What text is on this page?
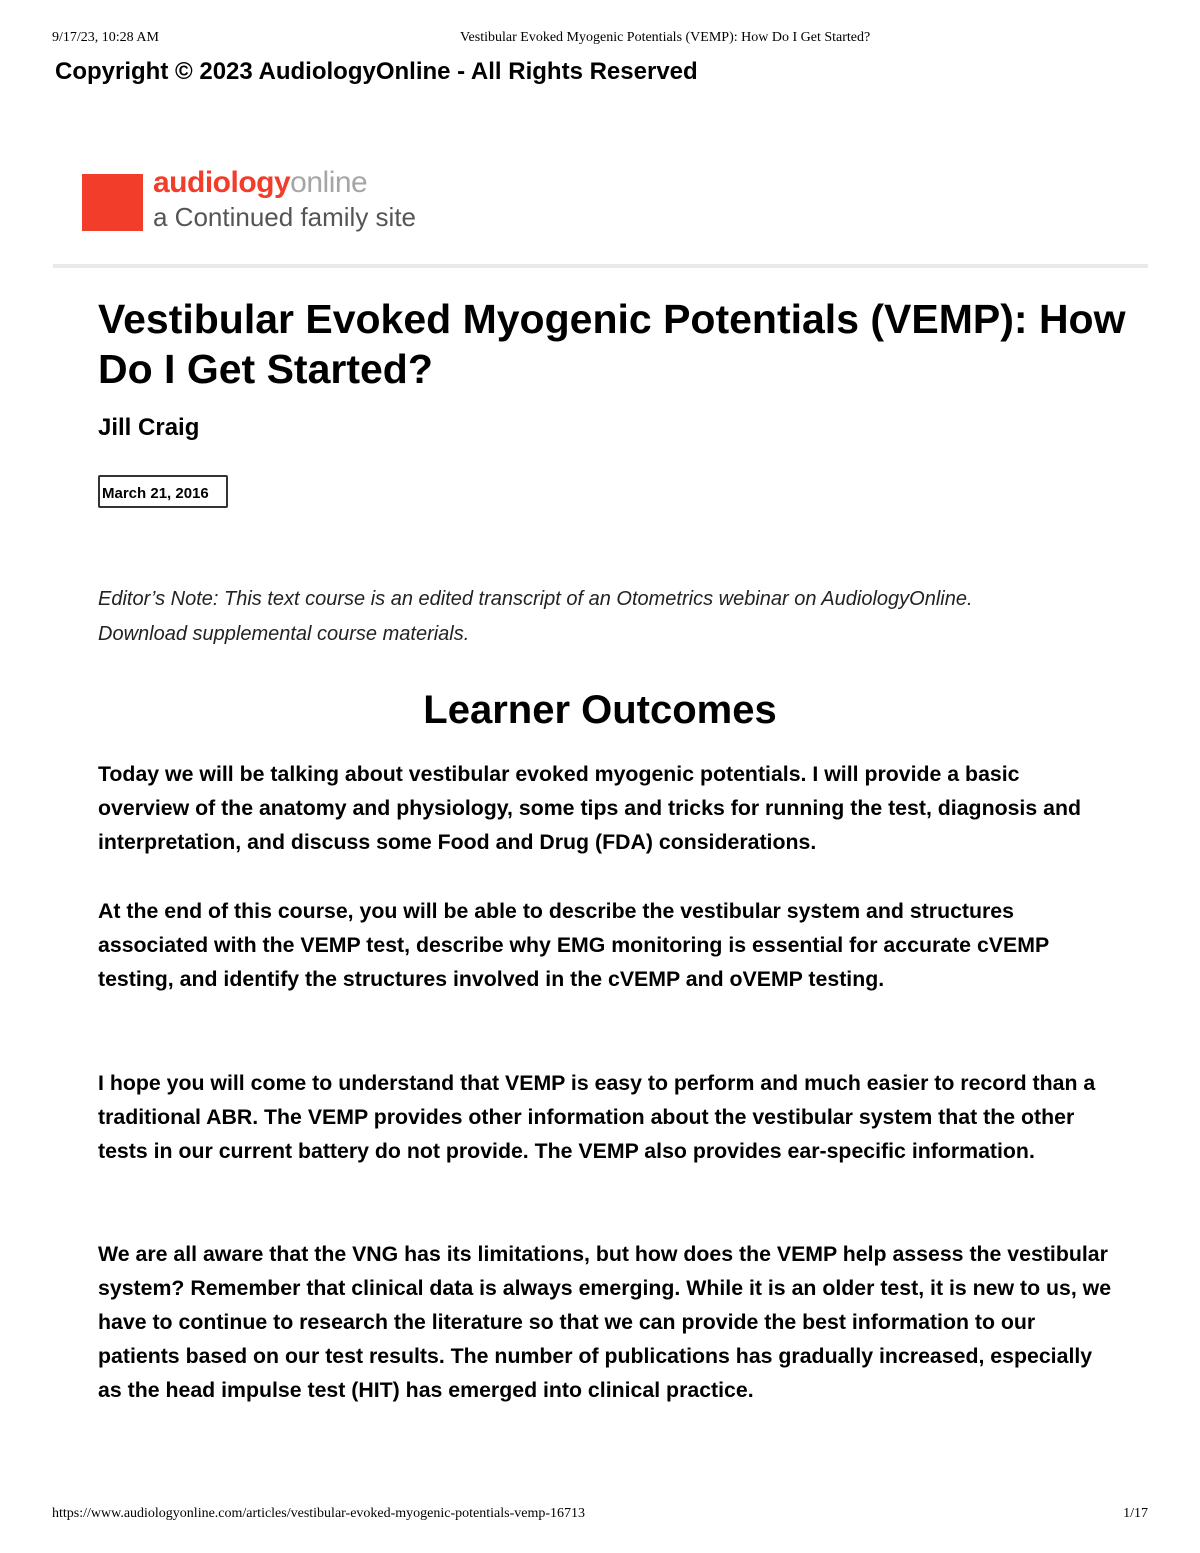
9/17/23, 10:28 AM	Vestibular Evoked Myogenic Potentials (VEMP): How Do I Get Started?
Copyright © 2023 AudiologyOnline - All Rights Reserved
audiologyonline
a Continued family site
Vestibular Evoked Myogenic Potentials (VEMP): How Do I Get Started?
Jill Craig
March 21, 2016
Editor’s Note: This text course is an edited transcript of an Otometrics webinar on AudiologyOnline. Download supplemental course materials.
Learner Outcomes

Today we will be talking about vestibular evoked myogenic potentials. I will provide a basic overview of the anatomy and physiology, some tips and tricks for running the test, diagnosis and interpretation, and discuss some Food and Drug (FDA) considerations.

At the end of this course, you will be able to describe the vestibular system and structures associated with the VEMP test, describe why EMG monitoring is essential for accurate cVEMP testing, and identify the structures involved in the cVEMP and oVEMP testing.

I hope you will come to understand that VEMP is easy to perform and much easier to record than a traditional ABR. The VEMP provides other information about the vestibular system that the other tests in our current battery do not provide. The VEMP also provides ear-specific information.

We are all aware that the VNG has its limitations, but how does the VEMP help assess the vestibular system? Remember that clinical data is always emerging. While it is an older test, it is new to us, we have to continue to research the literature so that we can provide the best information to our patients based on our test results. The number of publications has gradually increased, especially as the head impulse test (HIT) has emerged into clinical practice.

https://www.audiologyonline.com/articles/vestibular-evoked-myogenic-potentials-vemp-16713	1/17
